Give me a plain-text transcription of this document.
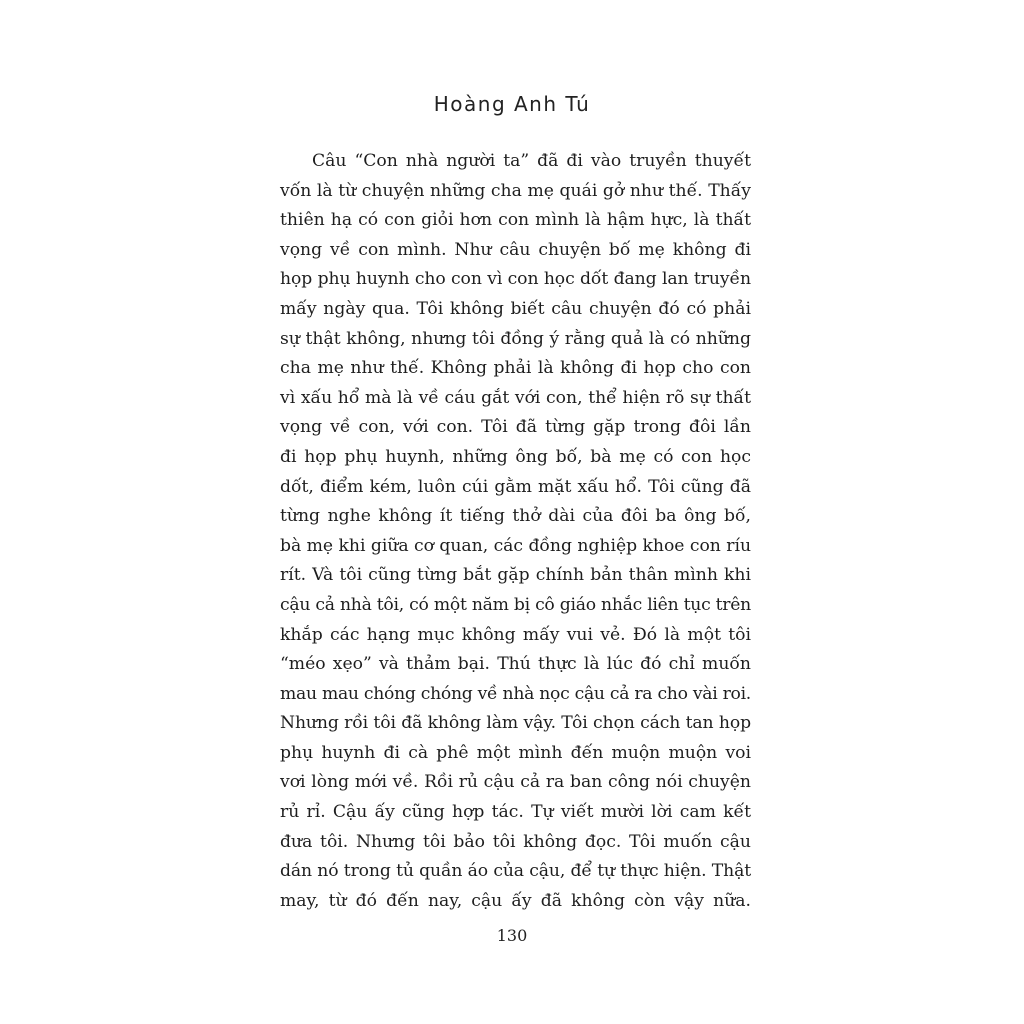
Hoàng Anh Tú
Câu “Con nhà người ta” đã đi vào truyền thuyết
vốn là từ chuyện những cha mẹ quái gở như thế. Thấy
thiên hạ có con giỏi hơn con mình là hậm hực, là thất
vọng về con mình. Như câu chuyện bố mẹ không đi
họp phụ huynh cho con vì con học dốt đang lan truyền
mấy ngày qua. Tôi không biết câu chuyện đó có phải
sự thật không, nhưng tôi đồng ý rằng quả là có những
cha mẹ như thế. Không phải là không đi họp cho con
vì xấu hổ mà là về cáu gắt với con, thể hiện rõ sự thất
vọng về con, với con. Tôi đã từng gặp trong đôi lần
đi họp phụ huynh, những ông bố, bà mẹ có con học
dốt, điểm kém, luôn cúi gằm mặt xấu hổ. Tôi cũng đã
từng nghe không ít tiếng thở dài của đôi ba ông bố,
bà mẹ khi giữa cơ quan, các đồng nghiệp khoe con ríu
rít. Và tôi cũng từng bắt gặp chính bản thân mình khi
cậu cả nhà tôi, có một năm bị cô giáo nhắc liên tục trên
khắp các hạng mục không mấy vui vẻ. Đó là một tôi
“méo xẹo” và thảm bại. Thú thực là lúc đó chỉ muốn
mau mau chóng chóng về nhà nọc cậu cả ra cho vài roi.
Nhưng rồi tôi đã không làm vậy. Tôi chọn cách tan họp
phụ huynh đi cà phê một mình đến muộn muộn voi
vơi lòng mới về. Rồi rủ cậu cả ra ban công nói chuyện
rủ rỉ. Cậu ấy cũng hợp tác. Tự viết mười lời cam kết
đưa tôi. Nhưng tôi bảo tôi không đọc. Tôi muốn cậu
dán nó trong tủ quần áo của cậu, để tự thực hiện. Thật
may, từ đó đến nay, cậu ấy đã không còn vậy nữa.
130
